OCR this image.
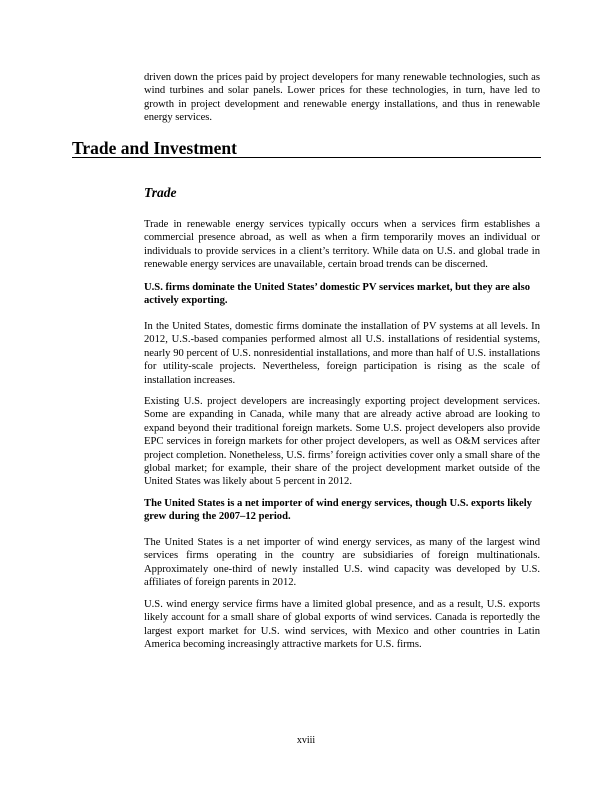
driven down the prices paid by project developers for many renewable technologies, such as wind turbines and solar panels. Lower prices for these technologies, in turn, have led to growth in project development and renewable energy installations, and thus in renewable energy services.

Trade and Investment
Trade

Trade in renewable energy services typically occurs when a services firm establishes a commercial presence abroad, as well as when a firm temporarily moves an individual or individuals to provide services in a client’s territory. While data on U.S. and global trade in renewable energy services are unavailable, certain broad trends can be discerned.

U.S. firms dominate the United States’ domestic PV services market, but they are also actively exporting.

In the United States, domestic firms dominate the installation of PV systems at all levels. In 2012, U.S.-based companies performed almost all U.S. installations of residential systems, nearly 90 percent of U.S. nonresidential installations, and more than half of U.S. installations for utility-scale projects. Nevertheless, foreign participation is rising as the scale of installation increases.

Existing U.S. project developers are increasingly exporting project development services. Some are expanding in Canada, while many that are already active abroad are looking to expand beyond their traditional foreign markets. Some U.S. project developers also provide EPC services in foreign markets for other project developers, as well as O&M services after project completion. Nonetheless, U.S. firms’ foreign activities cover only a small share of the global market; for example, their share of the project development market outside of the United States was likely about 5 percent in 2012.

The United States is a net importer of wind energy services, though U.S. exports likely grew during the 2007–12 period.

The United States is a net importer of wind energy services, as many of the largest wind services firms operating in the country are subsidiaries of foreign multinationals. Approximately one-third of newly installed U.S. wind capacity was developed by U.S. affiliates of foreign parents in 2012.

U.S. wind energy service firms have a limited global presence, and as a result, U.S. exports likely account for a small share of global exports of wind services. Canada is reportedly the largest export market for U.S. wind services, with Mexico and other countries in Latin America becoming increasingly attractive markets for U.S. firms.

xviii
